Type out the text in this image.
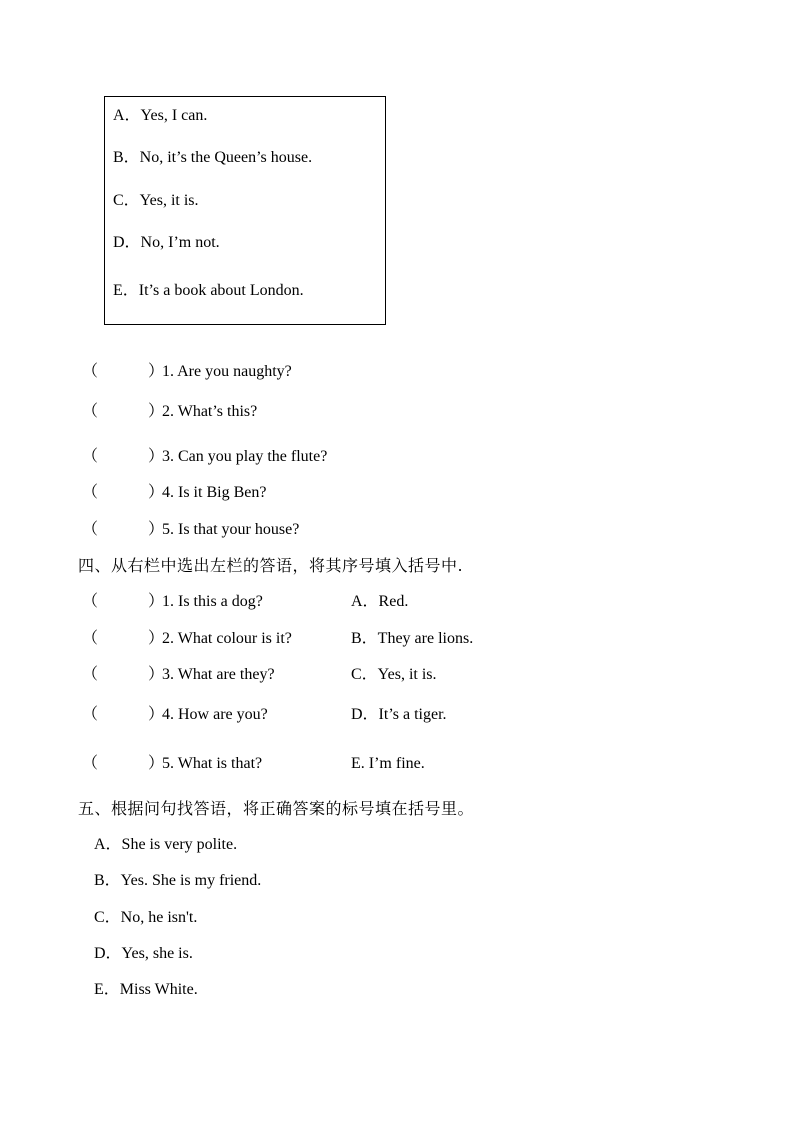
A．Yes, I can.
B．No, it’s the Queen’s house.
C．Yes, it is.
D．No, I’m not.
E．It’s a book about London.
（	）1. Are you naughty?
（	）2. What’s this?
（	）3. Can you play the flute?
（	）4. Is it Big Ben?
（	）5. Is that your house?
四、从右栏中选出左栏的答语，将其序号填入括号中.
（	）1. Is this a dog?	A．Red.
（	）2. What colour is it?	B．They are lions.
（	）3. What are they?	C．Yes, it is.
（	）4. How are you?	D．It’s a tiger.
（	）5. What is that?	E. I’m fine.
五、根据问句找答语，将正确答案的标号填在括号里。
A．She is very polite.
B．Yes. She is my friend.
C．No, he isn't.
D．Yes, she is.
E．Miss White.
